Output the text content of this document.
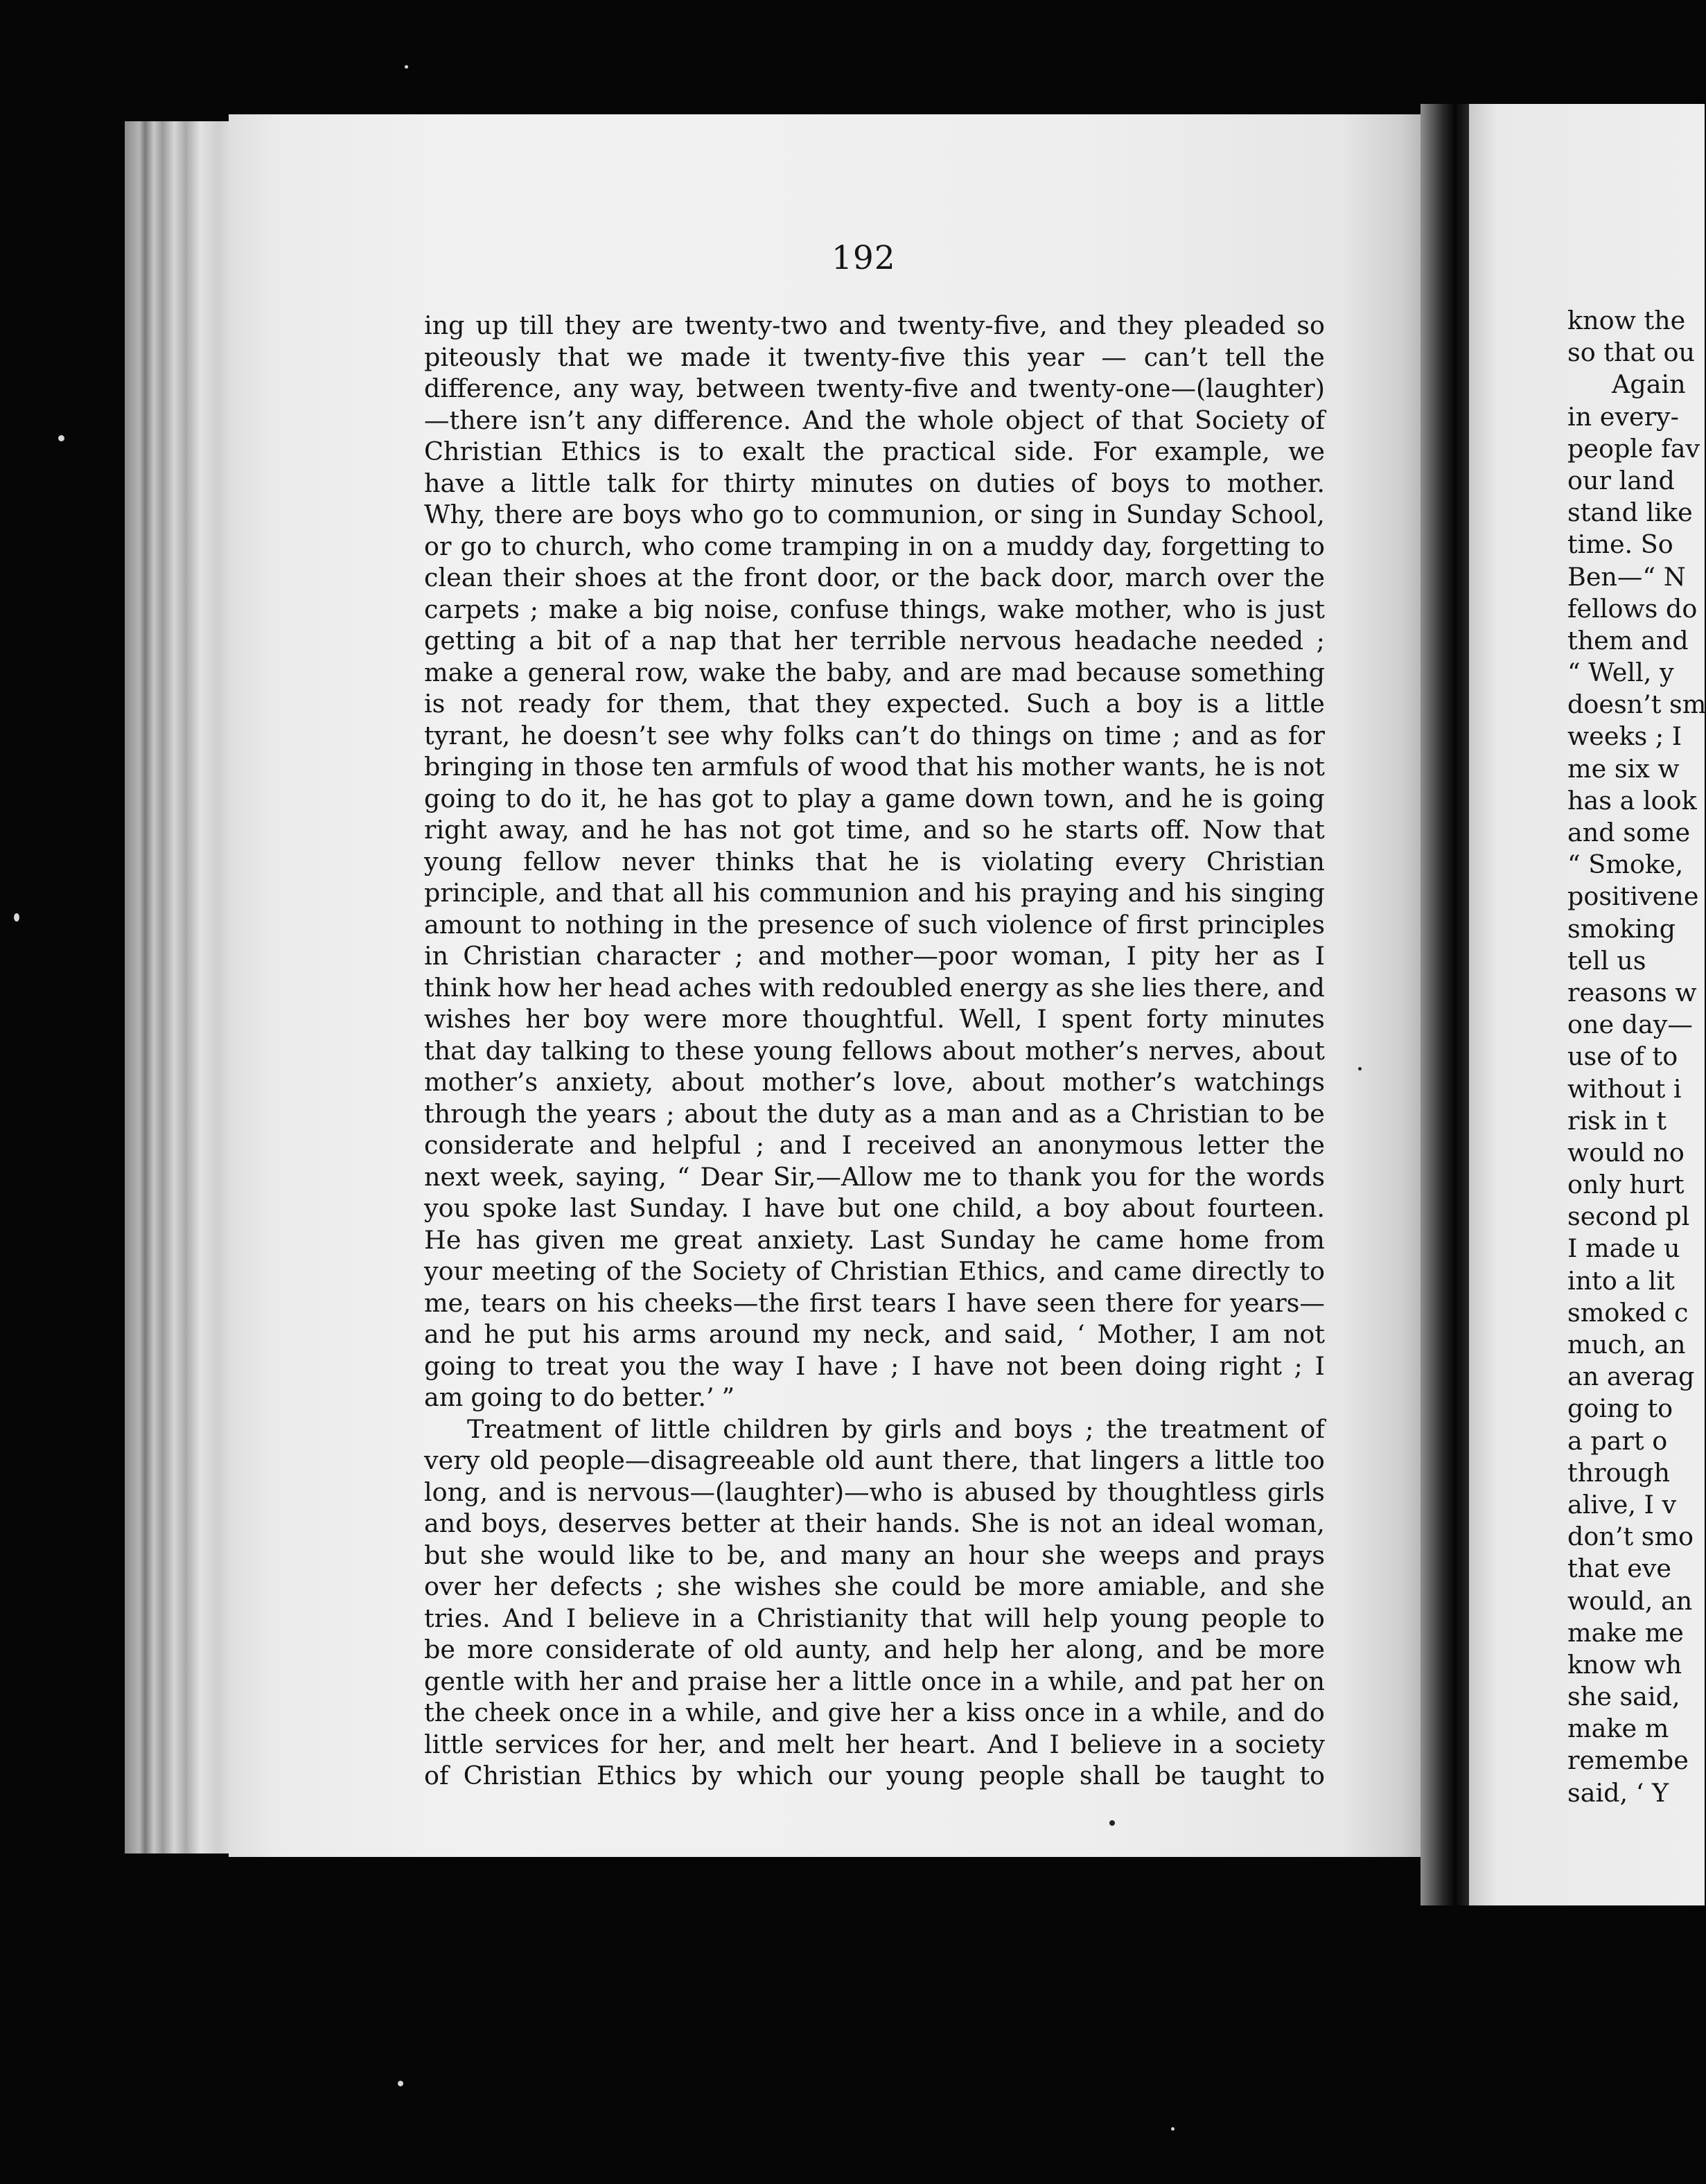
192
ing up till they are twenty-two and twenty-five, and they pleaded so
piteously that we made it twenty-five this year — can’t tell the
difference, any way, between twenty-five and twenty-one—(laughter)
—there isn’t any difference. And the whole object of that Society of
Christian Ethics is to exalt the practical side. For example, we
have a little talk for thirty minutes on duties of boys to mother.
Why, there are boys who go to communion, or sing in Sunday School,
or go to church, who come tramping in on a muddy day, forgetting to
clean their shoes at the front door, or the back door, march over the
carpets ; make a big noise, confuse things, wake mother, who is just
getting a bit of a nap that her terrible nervous headache needed ;
make a general row, wake the baby, and are mad because something
is not ready for them, that they expected. Such a boy is a little
tyrant, he doesn’t see why folks can’t do things on time ; and as for
bringing in those ten armfuls of wood that his mother wants, he is not
going to do it, he has got to play a game down town, and he is going
right away, and he has not got time, and so he starts off. Now that
young fellow never thinks that he is violating every Christian
principle, and that all his communion and his praying and his singing
amount to nothing in the presence of such violence of first principles
in Christian character ; and mother—poor woman, I pity her as I
think how her head aches with redoubled energy as she lies there, and
wishes her boy were more thoughtful. Well, I spent forty minutes
that day talking to these young fellows about mother’s nerves, about
mother’s anxiety, about mother’s love, about mother’s watchings
through the years ; about the duty as a man and as a Christian to be
considerate and helpful ; and I received an anonymous letter the
next week, saying, “ Dear Sir,—Allow me to thank you for the words
you spoke last Sunday. I have but one child, a boy about fourteen.
He has given me great anxiety. Last Sunday he came home from
your meeting of the Society of Christian Ethics, and came directly to
me, tears on his cheeks—the first tears I have seen there for years—
and he put his arms around my neck, and said, ‘ Mother, I am not
going to treat you the way I have ; I have not been doing right ; I
am going to do better.’ ”
Treatment of little children by girls and boys ; the treatment of
very old people—disagreeable old aunt there, that lingers a little too
long, and is nervous—(laughter)—who is abused by thoughtless girls
and boys, deserves better at their hands. She is not an ideal woman,
but she would like to be, and many an hour she weeps and prays
over her defects ; she wishes she could be more amiable, and she
tries. And I believe in a Christianity that will help young people to
be more considerate of old aunty, and help her along, and be more
gentle with her and praise her a little once in a while, and pat her on
the cheek once in a while, and give her a kiss once in a while, and do
little services for her, and melt her heart. And I believe in a society
of Christian Ethics by which our young people shall be taught to
know the
so that ou
Again
in every-
people fav
our land
stand like
time. So
Ben—“ N
fellows do
them and
“ Well, y
doesn’t sm
weeks ; I
me six w
has a look
and some
“ Smoke,
positivene
smoking
tell us
reasons w
one day—
use of to
without i
risk in t
would no
only hurt
second pl
I made u
into a lit
smoked c
much, an
an averag
going to
a part o
through
alive, I v
don’t smo
that eve
would, an
make me
know wh
she said,
make m
remembe
said, ‘ Y
